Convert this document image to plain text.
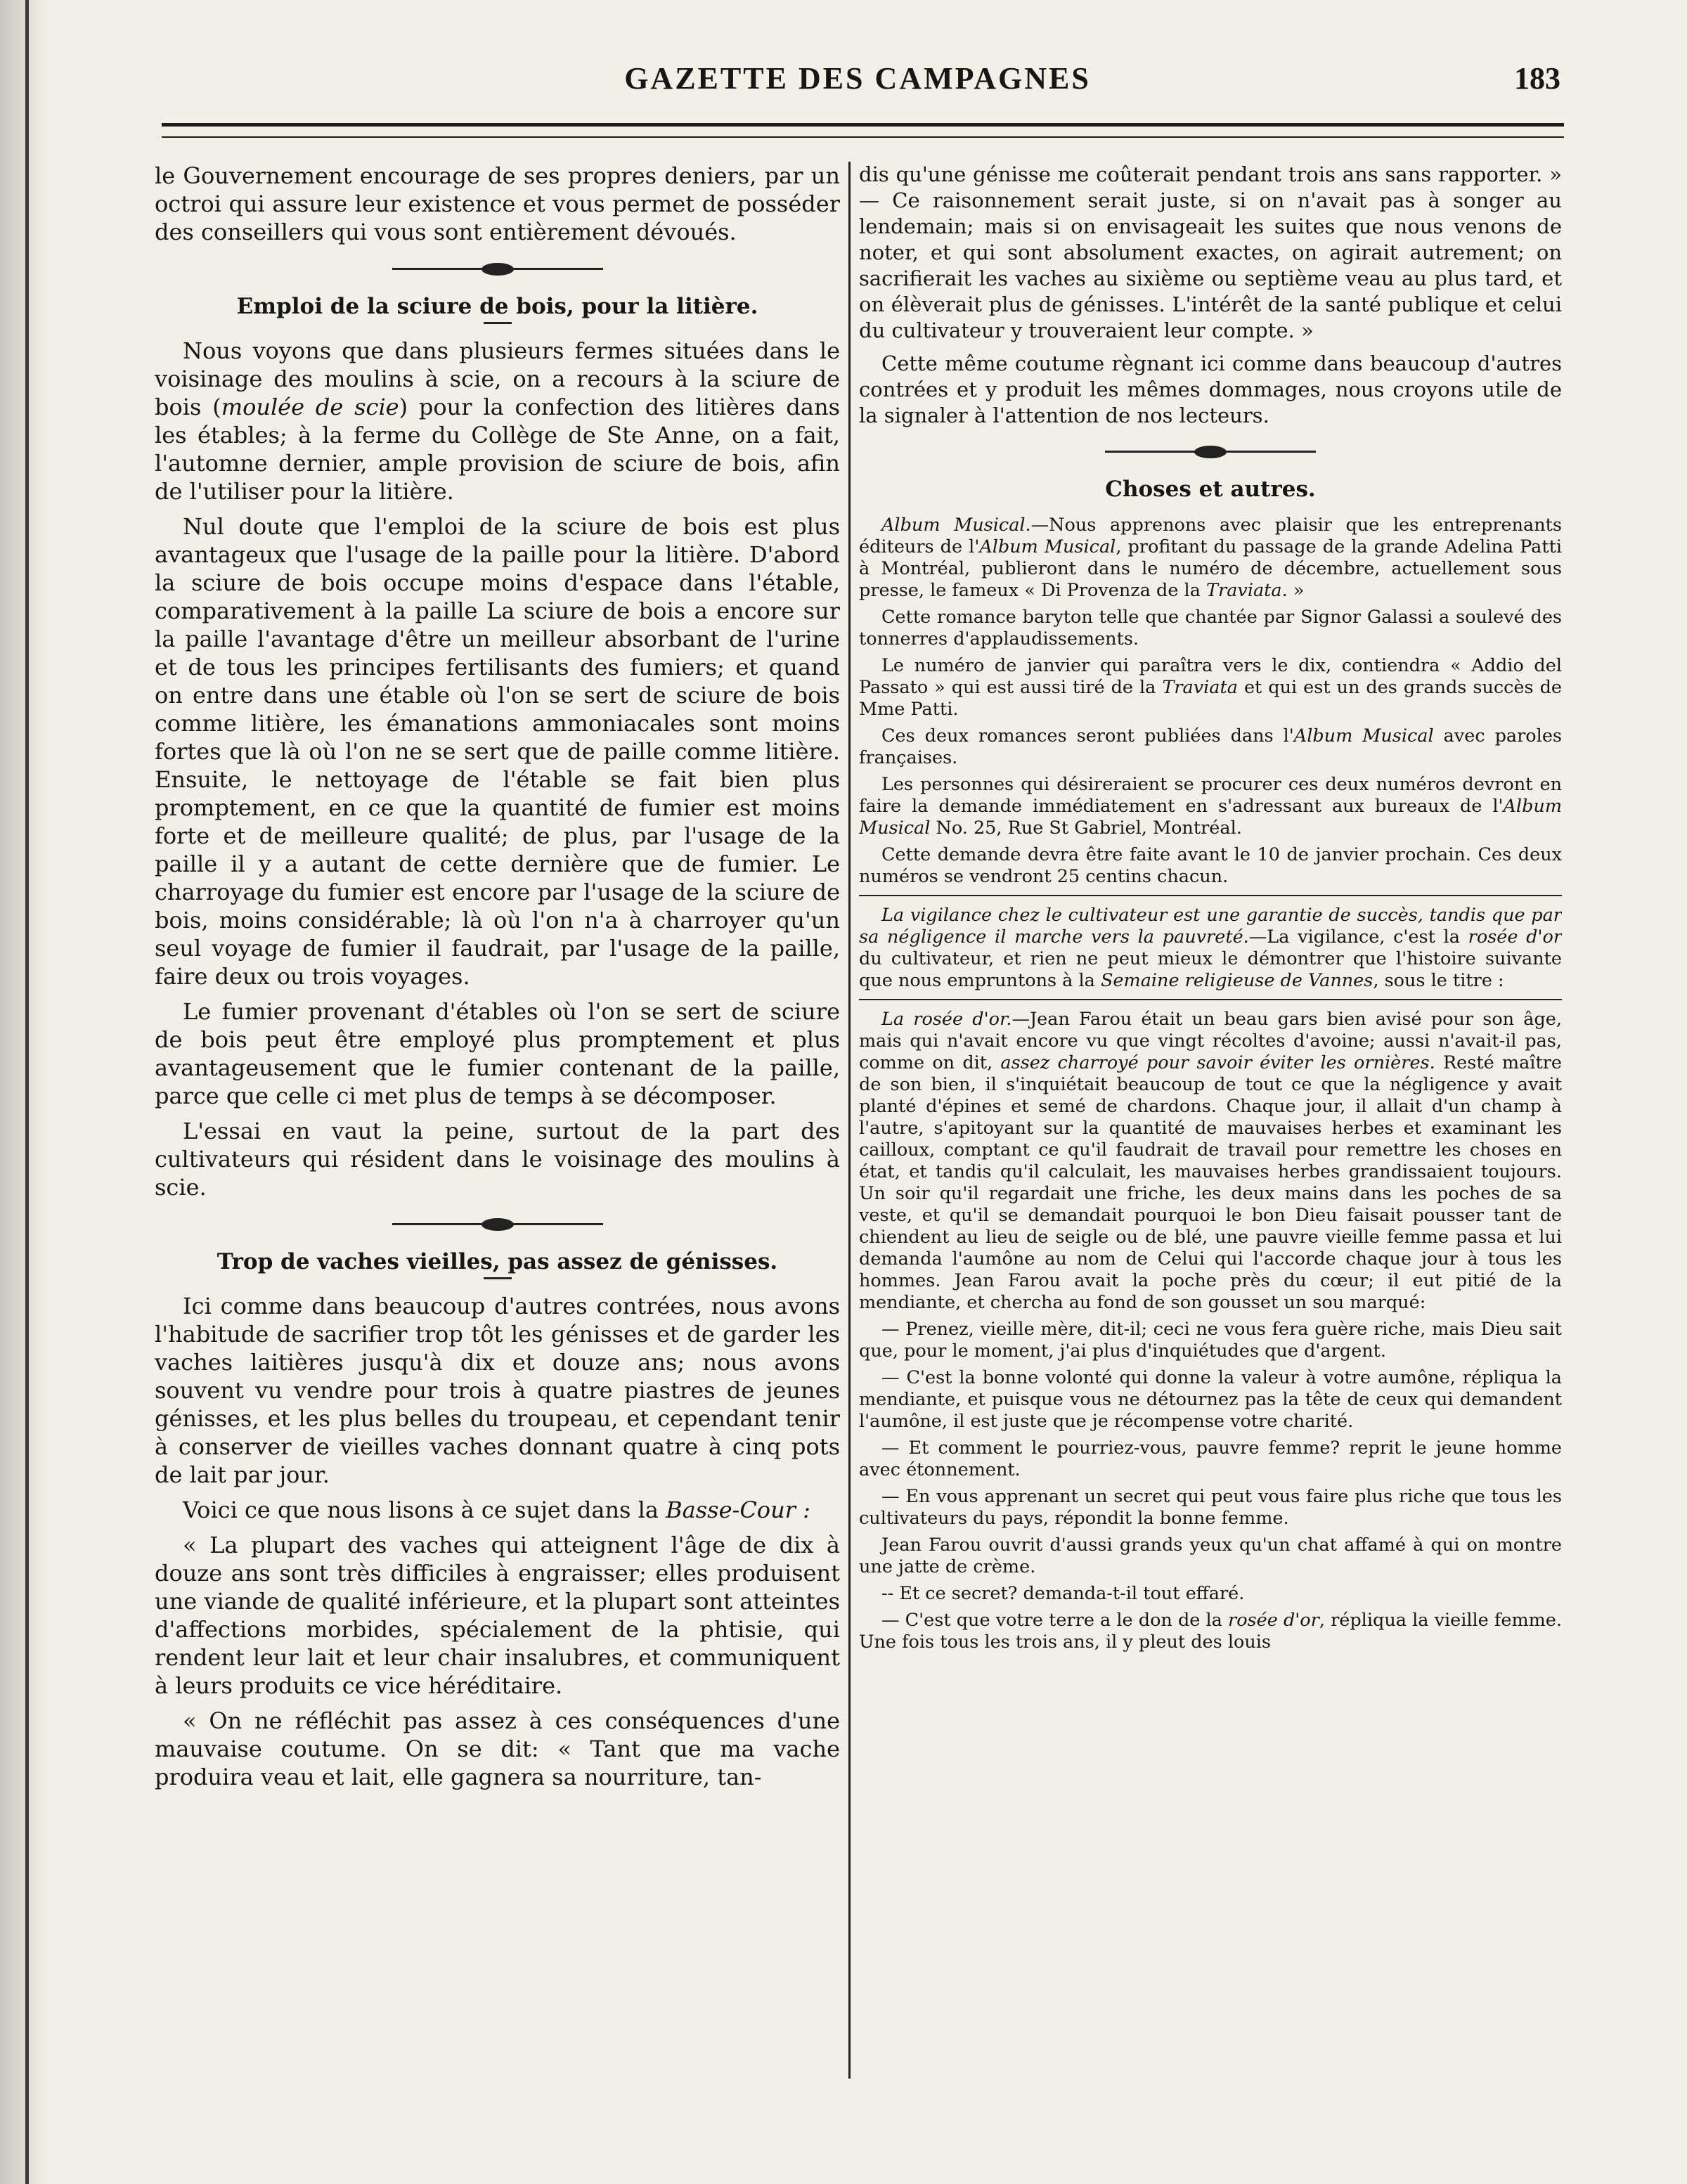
GAZETTE DES CAMPAGNES	183

le Gouvernement encourage de ses propres deniers, par un octroi qui assure leur existence et vous permet de posséder des conseillers qui vous sont entièrement dévoués.

Emploi de la sciure de bois, pour la litière.

Nous voyons que dans plusieurs fermes situées dans le voisinage des moulins à scie, on a recours à la sciure de bois (moulée de scie) pour la confection des litières dans les étables; à la ferme du Collège de Ste Anne, on a fait, l'automne dernier, ample provision de sciure de bois, afin de l'utiliser pour la litière.

Nul doute que l'emploi de la sciure de bois est plus avantageux que l'usage de la paille pour la litière. D'abord la sciure de bois occupe moins d'espace dans l'étable, comparativement à la paille La sciure de bois a encore sur la paille l'avantage d'être un meilleur absorbant de l'urine et de tous les principes fertilisants des fumiers; et quand on entre dans une étable où l'on se sert de sciure de bois comme litière, les émanations ammoniacales sont moins fortes que là où l'on ne se sert que de paille comme litière. Ensuite, le nettoyage de l'étable se fait bien plus promptement, en ce que la quantité de fumier est moins forte et de meilleure qualité; de plus, par l'usage de la paille il y a autant de cette dernière que de fumier. Le charroyage du fumier est encore par l'usage de la sciure de bois, moins considérable; là où l'on n'a à charroyer qu'un seul voyage de fumier il faudrait, par l'usage de la paille, faire deux ou trois voyages.

Le fumier provenant d'étables où l'on se sert de sciure de bois peut être employé plus promptement et plus avantageusement que le fumier contenant de la paille, parce que celle ci met plus de temps à se décomposer.

L'essai en vaut la peine, surtout de la part des cultivateurs qui résident dans le voisinage des moulins à scie.

Trop de vaches vieilles, pas assez de génisses.

Ici comme dans beaucoup d'autres contrées, nous avons l'habitude de sacrifier trop tôt les génisses et de garder les vaches laitières jusqu'à dix et douze ans; nous avons souvent vu vendre pour trois à quatre piastres de jeunes génisses, et les plus belles du troupeau, et cependant tenir à conserver de vieilles vaches donnant quatre à cinq pots de lait par jour.

Voici ce que nous lisons à ce sujet dans la Basse-Cour :

« La plupart des vaches qui atteignent l'âge de dix à douze ans sont très difficiles à engraisser; elles produisent une viande de qualité inférieure, et la plupart sont atteintes d'affections morbides, spécialement de la phtisie, qui rendent leur lait et leur chair insalubres, et communiquent à leurs produits ce vice héréditaire.

« On ne réfléchit pas assez à ces conséquences d'une mauvaise coutume. On se dit: « Tant que ma vache produira veau et lait, elle gagnera sa nourriture, tan-

dis qu'une génisse me coûterait pendant trois ans sans rapporter. » — Ce raisonnement serait juste, si on n'avait pas à songer au lendemain; mais si on envisageait les suites que nous venons de noter, et qui sont absolument exactes, on agirait autrement; on sacrifierait les vaches au sixième ou septième veau au plus tard, et on élèverait plus de génisses. L'intérêt de la santé publique et celui du cultivateur y trouveraient leur compte. »

Cette même coutume règnant ici comme dans beaucoup d'autres contrées et y produit les mêmes dommages, nous croyons utile de la signaler à l'attention de nos lecteurs.

Choses et autres.

Album Musical.—Nous apprenons avec plaisir que les entreprenants éditeurs de l'Album Musical, profitant du passage de la grande Adelina Patti à Montréal, publieront dans le numéro de décembre, actuellement sous presse, le fameux « Di Provenza de la Traviata. »

Cette romance baryton telle que chantée par Signor Galassi a soulevé des tonnerres d'applaudissements.

Le numéro de janvier qui paraîtra vers le dix, contiendra « Addio del Passato » qui est aussi tiré de la Traviata et qui est un des grands succès de Mme Patti.

Ces deux romances seront publiées dans l'Album Musical avec paroles françaises.

Les personnes qui désireraient se procurer ces deux numéros devront en faire la demande immédiatement en s'adressant aux bureaux de l'Album Musical No. 25, Rue St Gabriel, Montréal.

Cette demande devra être faite avant le 10 de janvier prochain. Ces deux numéros se vendront 25 centins chacun.

La vigilance chez le cultivateur est une garantie de succès, tandis que par sa négligence il marche vers la pauvreté.—La vigilance, c'est la rosée d'or du cultivateur, et rien ne peut mieux le démontrer que l'histoire suivante que nous empruntons à la Semaine religieuse de Vannes, sous le titre :

La rosée d'or.—Jean Farou était un beau gars bien avisé pour son âge, mais qui n'avait encore vu que vingt récoltes d'avoine; aussi n'avait-il pas, comme on dit, assez charroyé pour savoir éviter les ornières. Resté maître de son bien, il s'inquiétait beaucoup de tout ce que la négligence y avait planté d'épines et semé de chardons. Chaque jour, il allait d'un champ à l'autre, s'apitoyant sur la quantité de mauvaises herbes et examinant les cailloux, comptant ce qu'il faudrait de travail pour remettre les choses en état, et tandis qu'il calculait, les mauvaises herbes grandissaient toujours. Un soir qu'il regardait une friche, les deux mains dans les poches de sa veste, et qu'il se demandait pourquoi le bon Dieu faisait pousser tant de chiendent au lieu de seigle ou de blé, une pauvre vieille femme passa et lui demanda l'aumône au nom de Celui qui l'accorde chaque jour à tous les hommes. Jean Farou avait la poche près du cœur; il eut pitié de la mendiante, et chercha au fond de son gousset un sou marqué:

— Prenez, vieille mère, dit-il; ceci ne vous fera guère riche, mais Dieu sait que, pour le moment, j'ai plus d'inquiétudes que d'argent.

— C'est la bonne volonté qui donne la valeur à votre aumône, répliqua la mendiante, et puisque vous ne détournez pas la tête de ceux qui demandent l'aumône, il est juste que je récompense votre charité.

— Et comment le pourriez-vous, pauvre femme? reprit le jeune homme avec étonnement.

— En vous apprenant un secret qui peut vous faire plus riche que tous les cultivateurs du pays, répondit la bonne femme.

Jean Farou ouvrit d'aussi grands yeux qu'un chat affamé à qui on montre une jatte de crème.

-- Et ce secret? demanda-t-il tout effaré.

— C'est que votre terre a le don de la rosée d'or, répliqua la vieille femme. Une fois tous les trois ans, il y pleut des louis
